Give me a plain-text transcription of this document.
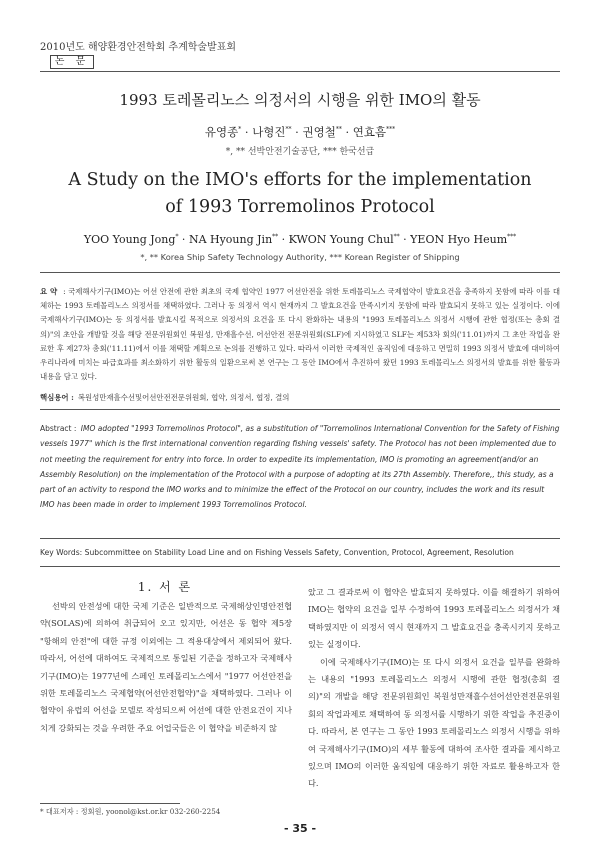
2010년도 해양환경안전학회 추계학술발표회
논 문
1993 토레몰리노스 의정서의 시행을 위한 IMO의 활동
유영종* · 나형진** · 권영철** · 연효흠***
*, ** 선박안전기술공단, *** 한국선급
A Study on the IMO's efforts for the implementation of 1993 Torremolinos Protocol
YOO Young Jong* · NA Hyoung Jin** · KWON Young Chul** · YEON Hyo Heum***
*, ** Korea Ship Safety Technology Authority, *** Korean Register of Shipping
요 약 : 국제해사기구(IMO)는 어선 안전에 관한 최초의 국제 협약인 1977 어선안전을 위한 토레몰리노스 국제협약이 발효요건을 충족하지 못함에 따라 이를 대체하는 1993 토레몰리노스 의정서를 채택하였다. 그러나 동 의정서 역시 현재까지 그 발효요건을 만족시키지 못함에 따라 발효되지 못하고 있는 실정이다. 이에 국제해사기구(IMO)는 동 의정서를 발효시킬 목적으로 의정서의 요건을 또 다시 완화하는 내용의 "1993 토레몰리노스 의정서 시행에 관한 협정(또는 총회 결의)"의 초안을 개발할 것을 해당 전문위원회인 복원성, 만재흘수선, 어선안전 전문위원회(SLF)에 지시하였고 SLF는 제53차 회의('11.01)까지 그 초안 작업을 완료한 후 제27차 총회('11.11)에서 이를 채택할 계획으로 논의를 진행하고 있다. 따라서 이러한 국제적인 움직임에 대응하고 면밀히 1993 의정서 발효에 대비하여 우리나라에 미치는 파급효과를 최소화하기 위한 활동의 일환으로써 본 연구는 그 동안 IMO에서 추진하여 왔던 1993 토레몰리노스 의정서의 발효를 위한 활동과 내용을 담고 있다.
핵심용어 : 복원성만재흘수선및어선안전전문위원회, 협약, 의정서, 협정, 결의
Abstract : IMO adopted "1993 Torremolinos Protocol", as a substitution of "Torremolinos International Convention for the Safety of Fishing vessels 1977" which is the first international convention regarding fishing vessels' safety. The Protocol has not been implemented due to not meeting the requirement for entry into force. In order to expedite its implementation, IMO is promoting an agreement(and/or an Assembly Resolution) on the implementation of the Protocol with a purpose of adopting at its 27th Assembly. Therefore,, this study, as a part of an activity to respond the IMO works and to minimize the effect of the Protocol on our country, includes the work and its result IMO has been made in order to implement 1993 Torremolinos Protocol.
Key Words: Subcommittee on Stability Load Line and on Fishing Vessels Safety, Convention, Protocol, Agreement, Resolution
1. 서 론

선박의 안전성에 대한 국제 기준은 일반적으로 국제해상인명안전협약(SOLAS)에 의하여 취급되어 오고 있지만, 어선은 동 협약 제5장 "항해의 안전"에 대한 규정 이외에는 그 적용대상에서 제외되어 왔다. 따라서, 어선에 대하여도 국제적으로 통일된 기준을 정하고자 국제해사기구(IMO)는 1977년에 스페인 토레몰리노스에서 "1977 어선안전을 위한 토레몰리노스 국제협약(어선안전협약)"을 채택하였다. 그러나 이 협약이 유럽의 어선을 모델로 작성되으써 어선에 대한 안전요건이 지나치게 강화되는 것을 우려한 주요 어업국들은 이 협약을 비준하지 않

았고 그 결과로써 이 협약은 발효되지 못하였다. 이를 해결하기 위하여 IMO는 협약의 요건을 일부 수정하여 1993 토레몰리노스 의정서가 채택하였지만 이 의정서 역시 현재까지 그 발효요건을 충족시키지 못하고 있는 실정이다.

이에 국제해사기구(IMO)는 또 다시 의정서 요건을 일부를 완화하는 내용의 "1993 토레몰리노스 의정서 시행에 관한 협정(총회 결의)"의 개발을 해당 전문위원회인 복원성만재흘수선어선안전전문위원회의 작업과제로 채택하여 동 의정서를 시행하기 위한 작업을 추진중이다. 따라서, 본 연구는 그 동안 1993 토레몰리노스 의정서 시행을 위하여 국제해사기구(IMO)의 세부 활동에 대하여 조사한 결과를 제시하고 있으며 IMO의 이러한 움직임에 대응하기 위한 자료로 활용하고자 한다.

* 대표저자 : 정회원, yoonol@kst.or.kr 032-260-2254
- 35 -
